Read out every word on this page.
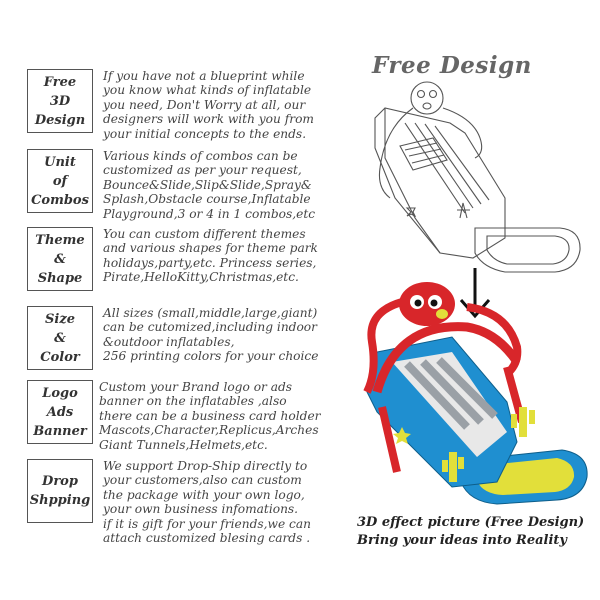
Free
3D
Design
If you have not a blueprint while
you know what kinds of inflatable
you need, Don't Worry at all, our
designers will work with you from
your initial concepts to the ends.
Unit
of
Combos
Various kinds of combos can be
customized as per your request,
Bounce&Slide,Slip&Slide,Spray&
Splash,Obstacle course,Inflatable
Playground,3 or 4 in 1 combos,etc
Theme
&
Shape
You can custom different themes
and various shapes for theme park
holidays,party,etc. Princess series,
Pirate,HelloKitty,Christmas,etc.
Size
&
Color
All sizes (small,middle,large,giant)
can be cutomized,including indoor
&outdoor inflatables,
256 printing colors for your choice
Logo
Ads
Banner
Custom your Brand logo or ads
banner on the inflatables ,also
there can be a business card holder
Mascots,Character,Replicus,Arches
Giant Tunnels,Helmets,etc.
Drop
Shpping
We support Drop-Ship directly to
your customers,also can custom
the package with your own logo,
your own business infomations.
if it is gift for your friends,we can
attach customized blesing cards .
Free Design
3D effect picture (Free Design)
Bring your ideas into Reality
